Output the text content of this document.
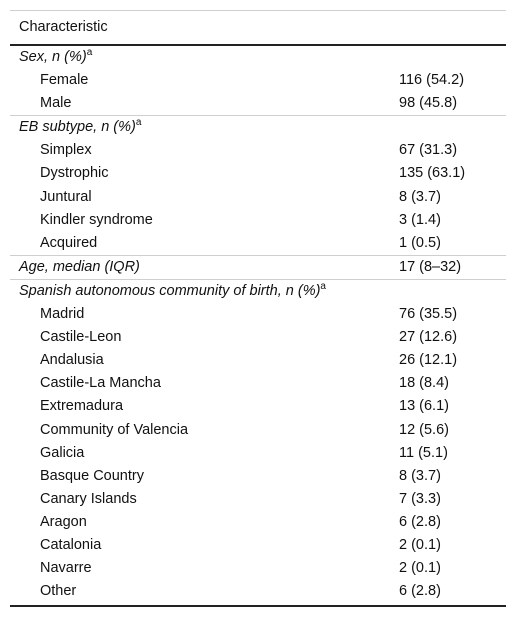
Characteristic
Sex, n (%)$^a$
Female	116 (54.2)
Male	98 (45.8)
EB subtype, n (%)$^a$
Simplex	67 (31.3)
Dystrophic	135 (63.1)
Juntural	8 (3.7)
Kindler syndrome	3 (1.4)
Acquired	1 (0.5)
Age, median (IQR)	17 (8–32)
Spanish autonomous community of birth, n (%)$^a$
Madrid	76 (35.5)
Castile-Leon	27 (12.6)
Andalusia	26 (12.1)
Castile-La Mancha	18 (8.4)
Extremadura	13 (6.1)
Community of Valencia	12 (5.6)
Galicia	11 (5.1)
Basque Country	8 (3.7)
Canary Islands	7 (3.3)
Aragon	6 (2.8)
Catalonia	2 (0.1)
Navarre	2 (0.1)
Other	6 (2.8)
